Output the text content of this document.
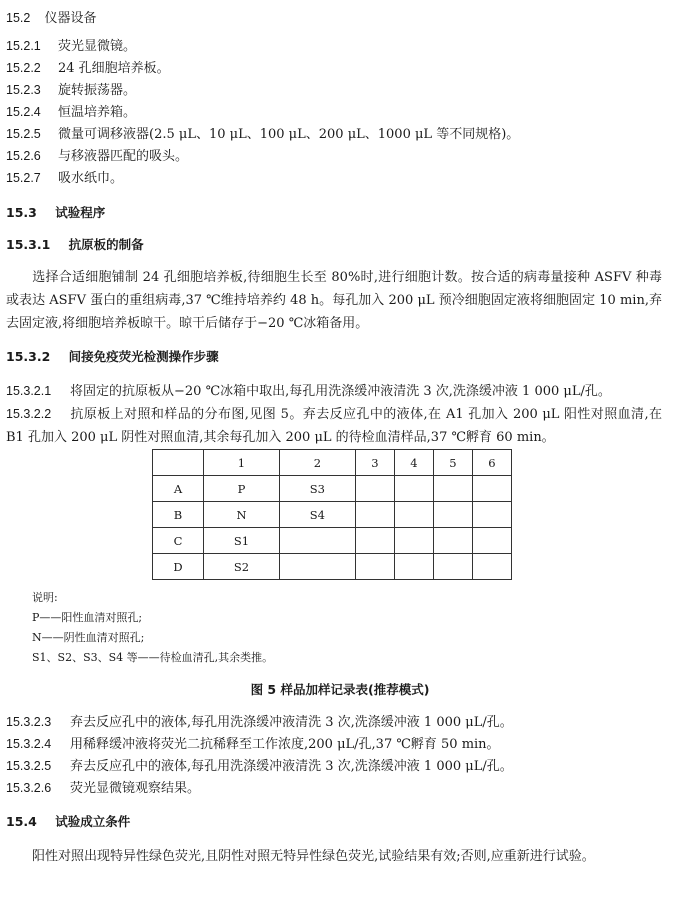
15.2 仪器设备
15.2.1 荧光显微镜。
15.2.2 24 孔细胞培养板。
15.2.3 旋转振荡器。
15.2.4 恒温培养箱。
15.2.5 微量可调移液器(2.5 μL、10 μL、100 μL、200 μL、1000 μL 等不同规格)。
15.2.6 与移液器匹配的吸头。
15.2.7 吸水纸巾。
15.3 试验程序
15.3.1 抗原板的制备
选择合适细胞铺制 24 孔细胞培养板,待细胞生长至 80%时,进行细胞计数。按合适的病毒量接种 ASFV 种毒或表达 ASFV 蛋白的重组病毒,37 ℃维持培养约 48 h。每孔加入 200 μL 预冷细胞固定液将细胞固定 10 min,弃去固定液,将细胞培养板晾干。晾干后储存于−20 ℃冰箱备用。
15.3.2 间接免疫荧光检测操作步骤
15.3.2.1 将固定的抗原板从−20 ℃冰箱中取出,每孔用洗涤缓冲液清洗 3 次,洗涤缓冲液 1 000 μL/孔。
15.3.2.2 抗原板上对照和样品的分布图,见图 5。弃去反应孔中的液体,在 A1 孔加入 200 μL 阳性对照血清,在 B1 孔加入 200 μL 阴性对照血清,其余每孔加入 200 μL 的待检血清样品,37 ℃孵育 60 min。
	1	2	3	4	5	6
A	P	S3				
B	N	S4				
C	S1					
D	S2					
说明:
P——阳性血清对照孔;
N——阴性血清对照孔;
S1、S2、S3、S4 等——待检血清孔,其余类推。
图 5 样品加样记录表(推荐模式)
15.3.2.3 弃去反应孔中的液体,每孔用洗涤缓冲液清洗 3 次,洗涤缓冲液 1 000 μL/孔。
15.3.2.4 用稀释缓冲液将荧光二抗稀释至工作浓度,200 μL/孔,37 ℃孵育 50 min。
15.3.2.5 弃去反应孔中的液体,每孔用洗涤缓冲液清洗 3 次,洗涤缓冲液 1 000 μL/孔。
15.3.2.6 荧光显微镜观察结果。
15.4 试验成立条件
阳性对照出现特异性绿色荧光,且阴性对照无特异性绿色荧光,试验结果有效;否则,应重新进行试验。
